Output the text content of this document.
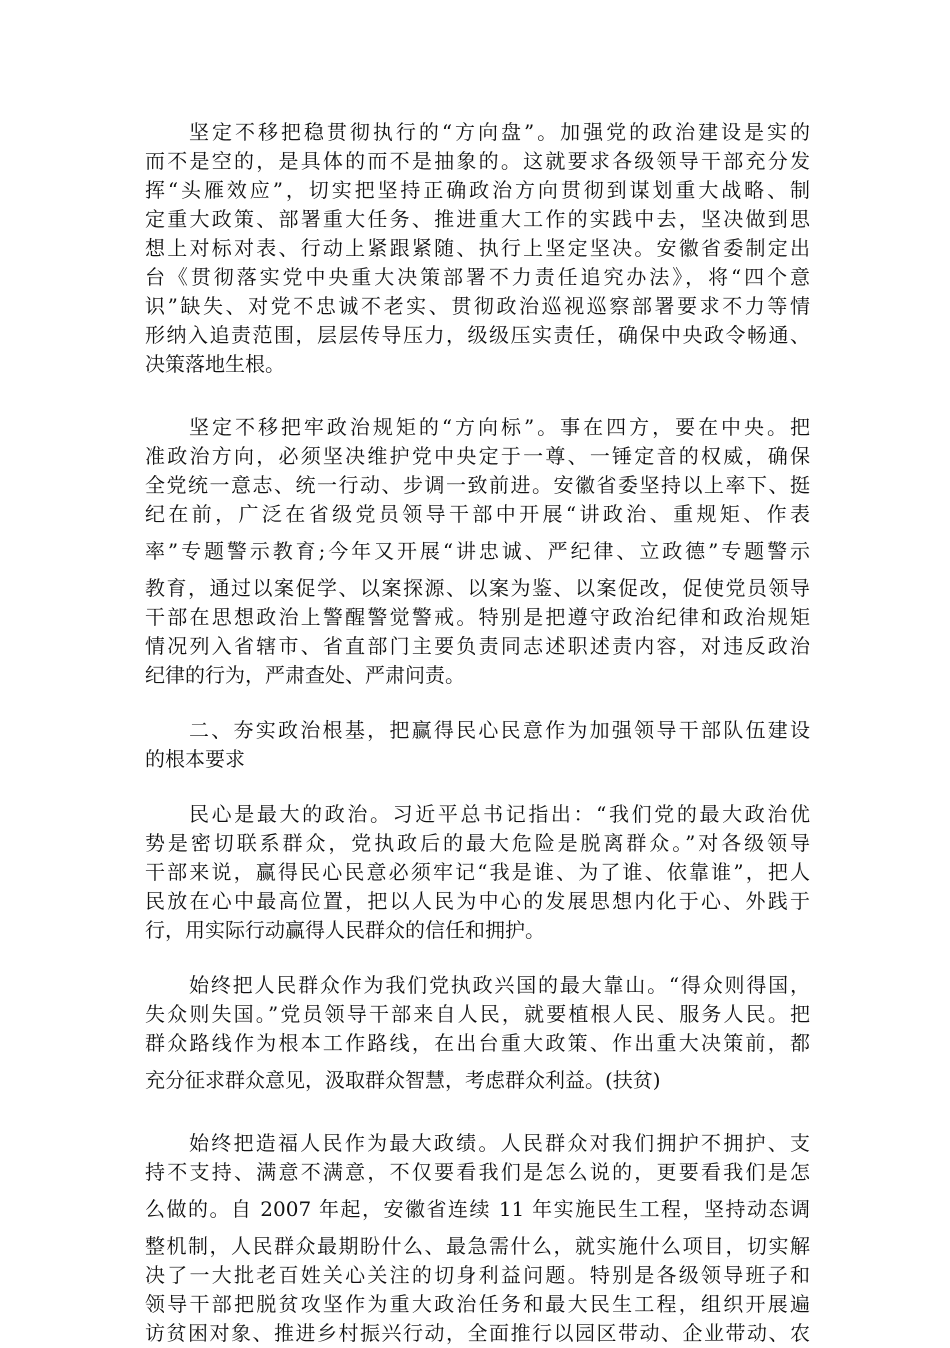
坚定不移把稳贯彻执行的“方向盘”。加强党的政治建设是实的
而不是空的，是具体的而不是抽象的。这就要求各级领导干部充分发
挥“头雁效应”，切实把坚持正确政治方向贯彻到谋划重大战略、制
定重大政策、部署重大任务、推进重大工作的实践中去，坚决做到思
想上对标对表、行动上紧跟紧随、执行上坚定坚决。安徽省委制定出
台《贯彻落实党中央重大决策部署不力责任追究办法》，将“四个意
识”缺失、对党不忠诚不老实、贯彻政治巡视巡察部署要求不力等情
形纳入追责范围，层层传导压力，级级压实责任，确保中央政令畅通、
决策落地生根。
坚定不移把牢政治规矩的“方向标”。事在四方，要在中央。把
准政治方向，必须坚决维护党中央定于一尊、一锤定音的权威，确保
全党统一意志、统一行动、步调一致前进。安徽省委坚持以上率下、挺
纪在前，广泛在省级党员领导干部中开展“讲政治、重规矩、作表
率”专题警示教育;今年又开展“讲忠诚、严纪律、立政德”专题警示
教育，通过以案促学、以案探源、以案为鉴、以案促改，促使党员领导
干部在思想政治上警醒警觉警戒。特别是把遵守政治纪律和政治规矩
情况列入省辖市、省直部门主要负责同志述职述责内容，对违反政治
纪律的行为，严肃查处、严肃问责。
二、夯实政治根基，把赢得民心民意作为加强领导干部队伍建设
的根本要求
民心是最大的政治。习近平总书记指出：“我们党的最大政治优
势是密切联系群众，党执政后的最大危险是脱离群众。”对各级领导
干部来说，赢得民心民意必须牢记“我是谁、为了谁、依靠谁”，把人
民放在心中最高位置，把以人民为中心的发展思想内化于心、外践于
行，用实际行动赢得人民群众的信任和拥护。
始终把人民群众作为我们党执政兴国的最大靠山。“得众则得国，
失众则失国。”党员领导干部来自人民，就要植根人民、服务人民。把
群众路线作为根本工作路线，在出台重大政策、作出重大决策前，都
充分征求群众意见，汲取群众智慧，考虑群众利益。(扶贫)
始终把造福人民作为最大政绩。人民群众对我们拥护不拥护、支
持不支持、满意不满意，不仅要看我们是怎么说的，更要看我们是怎
么做的。自 2007 年起，安徽省连续 11 年实施民生工程，坚持动态调
整机制，人民群众最期盼什么、最急需什么，就实施什么项目，切实解
决了一大批老百姓关心关注的切身利益问题。特别是各级领导班子和
领导干部把脱贫攻坚作为重大政治任务和最大民生工程，组织开展遍
访贫困对象、推进乡村振兴行动，全面推行以园区带动、企业带动、农
